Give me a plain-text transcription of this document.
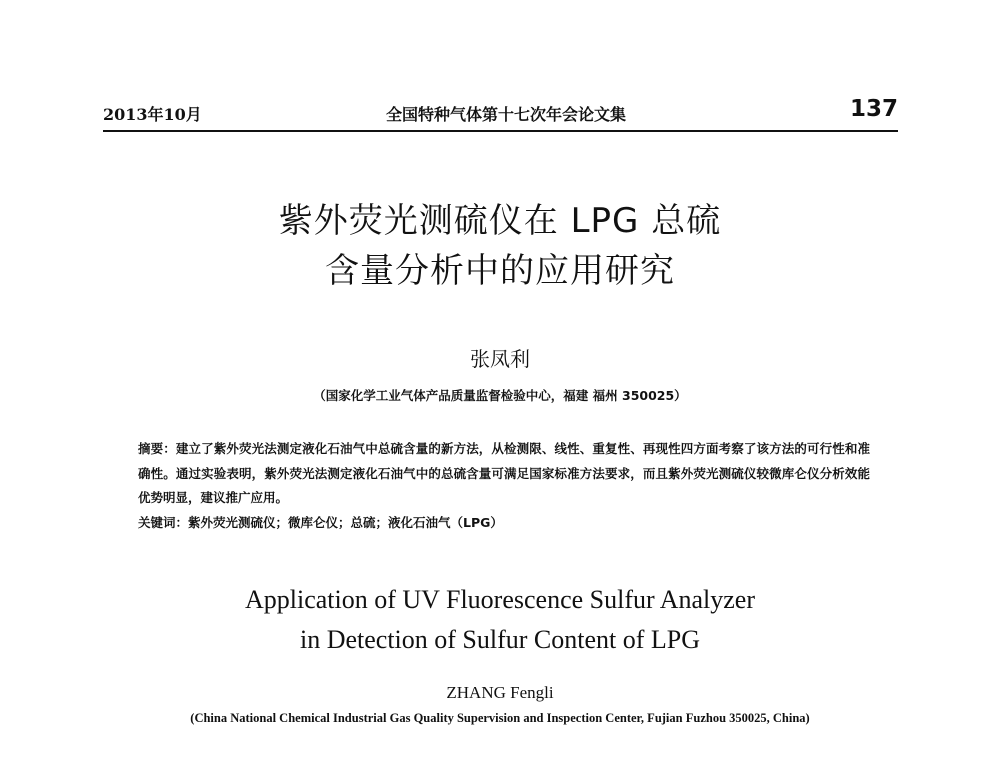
2013年10月	全国特种气体第十七次年会论文集	137
紫外荧光测硫仪在 LPG 总硫
含量分析中的应用研究
张凤利
（国家化学工业气体产品质量监督检验中心，福建 福州 350025）

摘要：建立了紫外荧光法测定液化石油气中总硫含量的新方法，从检测限、线性、重复性、再现性四方面考察了该方法的可行性和准确性。通过实验表明，紫外荧光法测定液化石油气中的总硫含量可满足国家标准方法要求，而且紫外荧光测硫仪较微库仑仪分析效能优势明显，建议推广应用。

关键词：紫外荧光测硫仪；微库仑仪；总硫；液化石油气（LPG）

Application of UV Fluorescence Sulfur Analyzer
in Detection of Sulfur Content of LPG
ZHANG Fengli
(China National Chemical Industrial Gas Quality Supervision and Inspection Center, Fujian Fuzhou 350025, China)
